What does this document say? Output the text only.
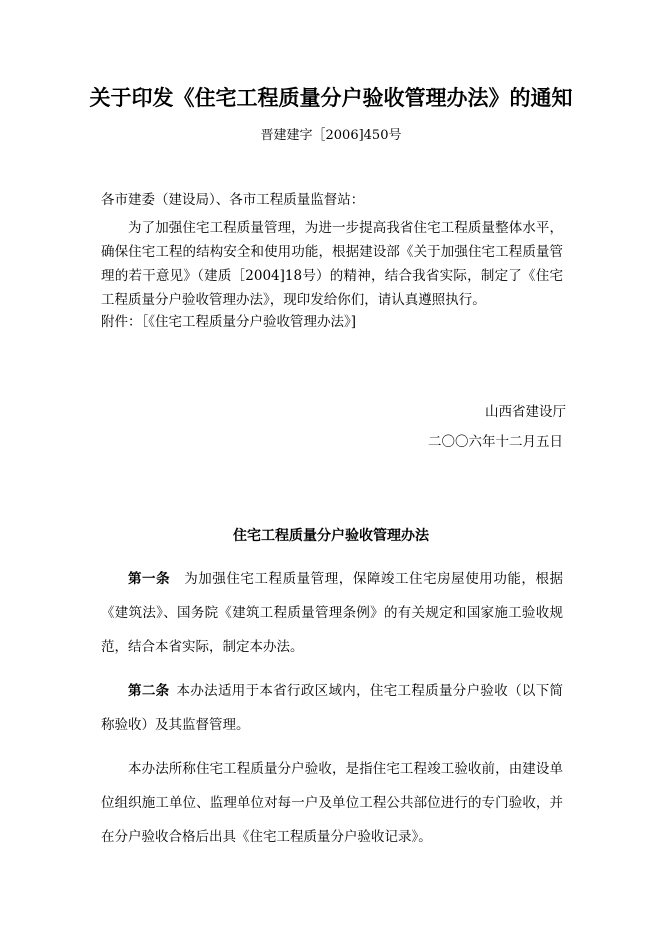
关于印发《住宅工程质量分户验收管理办法》的通知
晋建建字［2006]450号
各市建委（建设局）、各市工程质量监督站：
为了加强住宅工程质量管理，为进一步提高我省住宅工程质量整体水平，确保住宅工程的结构安全和使用功能，根据建设部《关于加强住宅工程质量管理的若干意见》（建质［2004]18号）的精神，结合我省实际，制定了《住宅工程质量分户验收管理办法》，现印发给你们，请认真遵照执行。
附件：［《住宅工程质量分户验收管理办法》]
山西省建设厅
二〇〇六年十二月五日
住宅工程质量分户验收管理办法
第一条　 为加强住宅工程质量管理，保障竣工住宅房屋使用功能，根据《建筑法》、国务院《建筑工程质量管理条例》的有关规定和国家施工验收规范，结合本省实际，制定本办法。
第二条  本办法适用于本省行政区域内，住宅工程质量分户验收（以下简称验收）及其监督管理。
本办法所称住宅工程质量分户验收，是指住宅工程竣工验收前，由建设单位组织施工单位、监理单位对每一户及单位工程公共部位进行的专门验收，并在分户验收合格后出具《住宅工程质量分户验收记录》。
